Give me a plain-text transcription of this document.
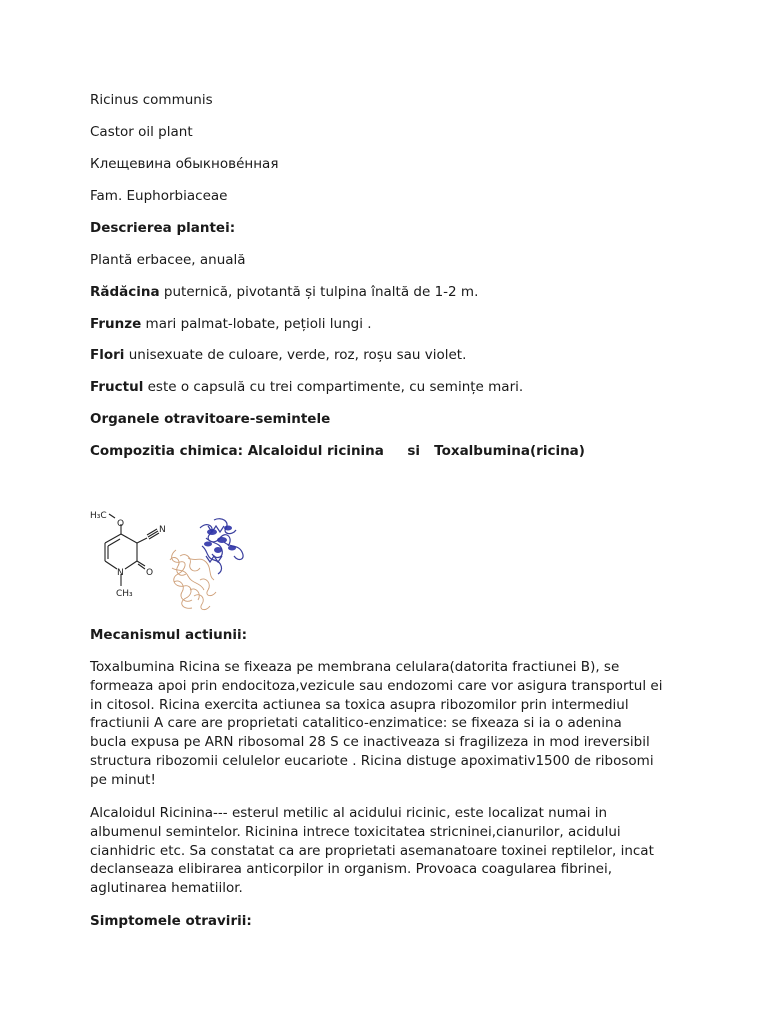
Ricinus communis
Castor oil plant
Клещевина обыкнове́нная
Fam. Euphorbiaceae
Descrierea plantei:
Plantă erbacee, anuală
Rădăcina puternică, pivotantă și tulpina înaltă de 1-2 m.
Frunze mari palmat-lobate, pețioli lungi .
Flori unisexuate de culoare, verde, roz, roșu sau violet.
Fructul este o capsulă cu trei compartimente, cu semințe mari.
Organele otravitoare-semintele
Compozitia chimica: Alcaloidul ricinina     si   Toxalbumina(ricina)
H₃C
O
N
O
N
CH₃
Mecanismul actiunii:
Toxalbumina Ricina se fixeaza pe membrana celulara(datorita fractiunei B), se
formeaza apoi prin endocitoza,vezicule sau endozomi care vor asigura transportul ei
in citosol. Ricina exercita actiunea sa toxica asupra ribozomilor prin intermediul
fractiunii A care are proprietati catalitico-enzimatice: se fixeaza si ia o adenina
bucla expusa pe ARN ribosomal 28 S ce inactiveaza si fragilizeza in mod ireversibil
structura ribozomii celulelor eucariote . Ricina distuge apoximativ1500 de ribosomi
pe minut!
Alcaloidul Ricinina--- esterul metilic al acidului ricinic, este localizat numai in
albumenul semintelor. Ricinina intrece toxicitatea stricninei,cianurilor, acidului
cianhidric etc. Sa constatat ca are proprietati asemanatoare toxinei reptilelor, incat
declanseaza elibirarea anticorpilor in organism. Provoaca coagularea fibrinei,
aglutinarea hematiilor.
Simptomele otravirii:
